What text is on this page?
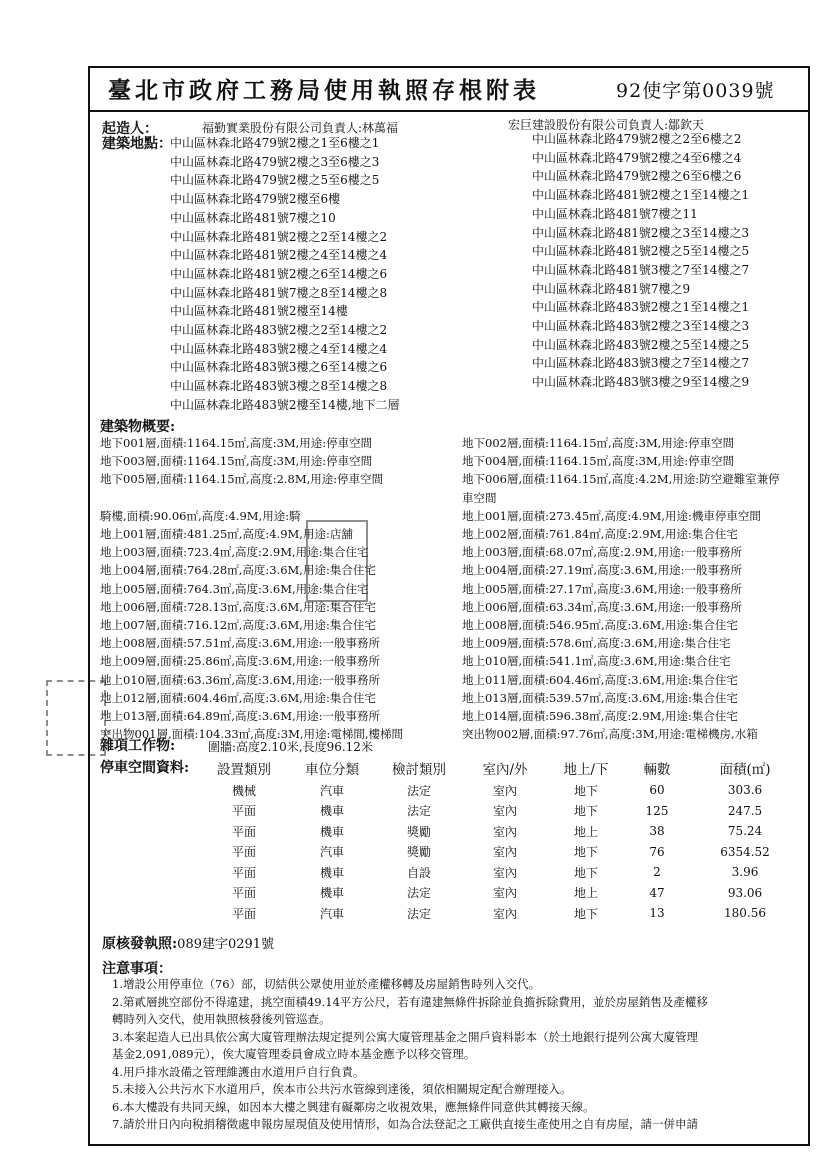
臺北市政府工務局使用執照存根附表	92使字第0039號
起造人：	福勤實業股份有限公司負責人:林萬福	宏巨建設股份有限公司負責人:鄒欽天
建築地點：
中山區林森北路479號2樓之1至6樓之1
中山區林森北路479號2樓之3至6樓之3
中山區林森北路479號2樓之5至6樓之5
中山區林森北路479號2樓至6樓
中山區林森北路481號7樓之10
中山區林森北路481號2樓之2至14樓之2
中山區林森北路481號2樓之4至14樓之4
中山區林森北路481號2樓之6至14樓之6
中山區林森北路481號7樓之8至14樓之8
中山區林森北路481號2樓至14樓
中山區林森北路483號2樓之2至14樓之2
中山區林森北路483號2樓之4至14樓之4
中山區林森北路483號3樓之6至14樓之6
中山區林森北路483號3樓之8至14樓之8
中山區林森北路483號2樓至14樓,地下二層
中山區林森北路479號2樓之2至6樓之2
中山區林森北路479號2樓之4至6樓之4
中山區林森北路479號2樓之6至6樓之6
中山區林森北路481號2樓之1至14樓之1
中山區林森北路481號7樓之11
中山區林森北路481號2樓之3至14樓之3
中山區林森北路481號2樓之5至14樓之5
中山區林森北路481號3樓之7至14樓之7
中山區林森北路481號7樓之9
中山區林森北路483號2樓之1至14樓之1
中山區林森北路483號2樓之3至14樓之3
中山區林森北路483號2樓之5至14樓之5
中山區林森北路483號3樓之7至14樓之7
中山區林森北路483號3樓之9至14樓之9
建築物概要:
地下001層,面積:1164.15㎡,高度:3M,用途:停車空間
地下003層,面積:1164.15㎡,高度:3M,用途:停車空間
地下005層,面積:1164.15㎡,高度:2.8M,用途:停車空間

騎樓,面積:90.06㎡,高度:4.9M,用途:騎
地上001層,面積:481.25㎡,高度:4.9M,用途:店舖
地上003層,面積:723.4㎡,高度:2.9M,用途:集合住宅
地上004層,面積:764.28㎡,高度:3.6M,用途:集合住宅
地上005層,面積:764.3㎡,高度:3.6M,用途:集合住宅
地上006層,面積:728.13㎡,高度:3.6M,用途:集合住宅
地上007層,面積:716.12㎡,高度:3.6M,用途:集合住宅
地上008層,面積:57.51㎡,高度:3.6M,用途:一般事務所
地上009層,面積:25.86㎡,高度:3.6M,用途:一般事務所
地上010層,面積:63.36㎡,高度:3.6M,用途:一般事務所
地上012層,面積:604.46㎡,高度:3.6M,用途:集合住宅
地上013層,面積:64.89㎡,高度:3.6M,用途:一般事務所
突出物001層,面積:104.33㎡,高度:3M,用途:電梯間,樓梯間
地下002層,面積:1164.15㎡,高度:3M,用途:停車空間
地下004層,面積:1164.15㎡,高度:3M,用途:停車空間
地下006層,面積:1164.15㎡,高度:4.2M,用途:防空避難室兼停
車空間
地上001層,面積:273.45㎡,高度:4.9M,用途:機車停車空間
地上002層,面積:761.84㎡,高度:2.9M,用途:集合住宅
地上003層,面積:68.07㎡,高度:2.9M,用途:一般事務所
地上004層,面積:27.19㎡,高度:3.6M,用途:一般事務所
地上005層,面積:27.17㎡,高度:3.6M,用途:一般事務所
地上006層,面積:63.34㎡,高度:3.6M,用途:一般事務所
地上008層,面積:546.95㎡,高度:3.6M,用途:集合住宅
地上009層,面積:578.6㎡,高度:3.6M,用途:集合住宅
地上010層,面積:541.1㎡,高度:3.6M,用途:集合住宅
地上011層,面積:604.46㎡,高度:3.6M,用途:集合住宅
地上013層,面積:539.57㎡,高度:3.6M,用途:集合住宅
地上014層,面積:596.38㎡,高度:2.9M,用途:集合住宅
突出物002層,面積:97.76㎡,高度:3M,用途:電梯機房,水箱
雜項工作物:	圍牆:高度2.10米,長度96.12米
停車空間資料: 設置類別	車位分類	檢討類別	室內/外	地上/下	輛數	面積(㎡)
機械	汽車	法定	室內	地下	60	303.6
平面	機車	法定	室內	地下	125	247.5
平面	機車	獎勵	室內	地上	38	75.24
平面	汽車	獎勵	室內	地下	76	6354.52
平面	機車	自設	室內	地下	2	3.96
平面	機車	法定	室內	地上	47	93.06
平面	汽車	法定	室內	地下	13	180.56
原核發執照:089建字0291號
注意事項：
1.增設公用停車位（76）部，切結供公眾使用並於產權移轉及房屋銷售時列入交代。
2.第貳層挑空部份不得違建，挑空面積49.14平方公尺，若有違建無條件拆除並負擔拆除費用，並於房屋銷售及產權移
轉時列入交代，使用執照核發後列管巡查。
3.本案起造人已出具依公寓大廈管理辦法規定提列公寓大廈管理基金之開戶資料影本（於土地銀行提列公寓大廈管理
基金2,091,089元），俟大廈管理委員會成立時本基金應予以移交管理。
4.用戶排水設備之管理維護由水道用戶自行負責。
5.未接入公共污水下水道用戶，俟本市公共污水管線到達後，須依相關規定配合辦理接入。
6.本大樓設有共同天線，如因本大樓之興建有礙鄰房之收視效果，應無條件同意供其轉接天線。
7.請於卅日內向稅捐稽徵處申報房屋現值及使用情形，如為合法登記之工廠供直接生產使用之自有房屋，請一併申請
